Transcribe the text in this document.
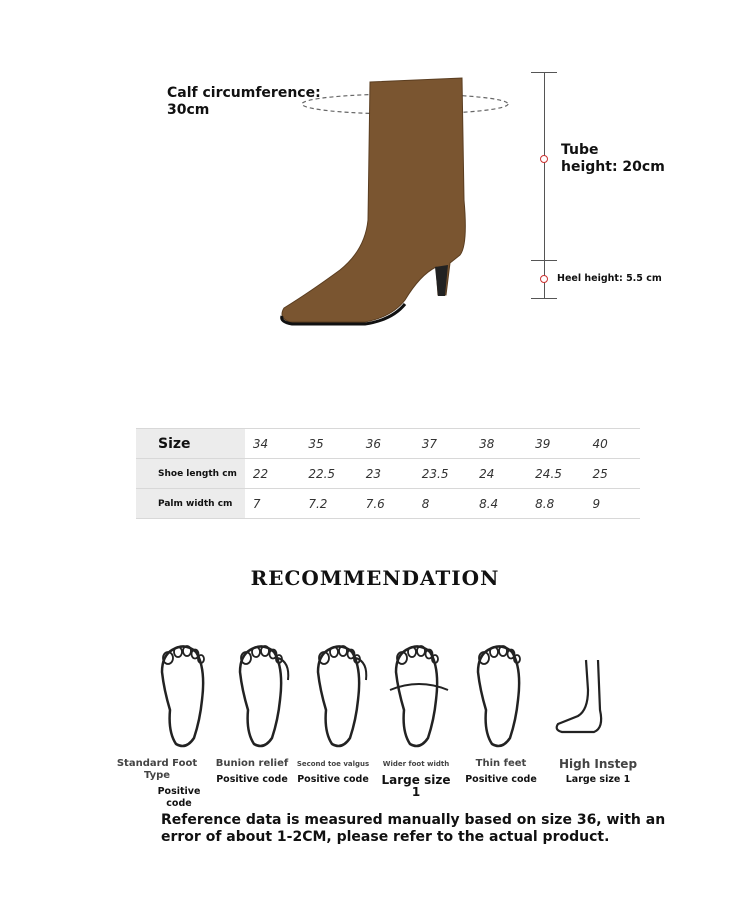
Calf circumference:
30cm
Tube
height: 20cm
Heel height: 5.5 cm
Size	34	35	36	37	38	39	40	
Shoe length cm	22	22.5	23	23.5	24	24.5	25	
Palm width cm	7	7.2	7.6	8	8.4	8.8	9	
RECOMMENDATION
Standard Foot Type
Positive code
Bunion relief
Positive code
Second toe valgus
Positive code
Wider foot width
Large size 1
Thin feet
Positive code
High Instep
Large size 1
Reference data is measured manually based on size 36, with an error of about 1-2CM, please refer to the actual product.
